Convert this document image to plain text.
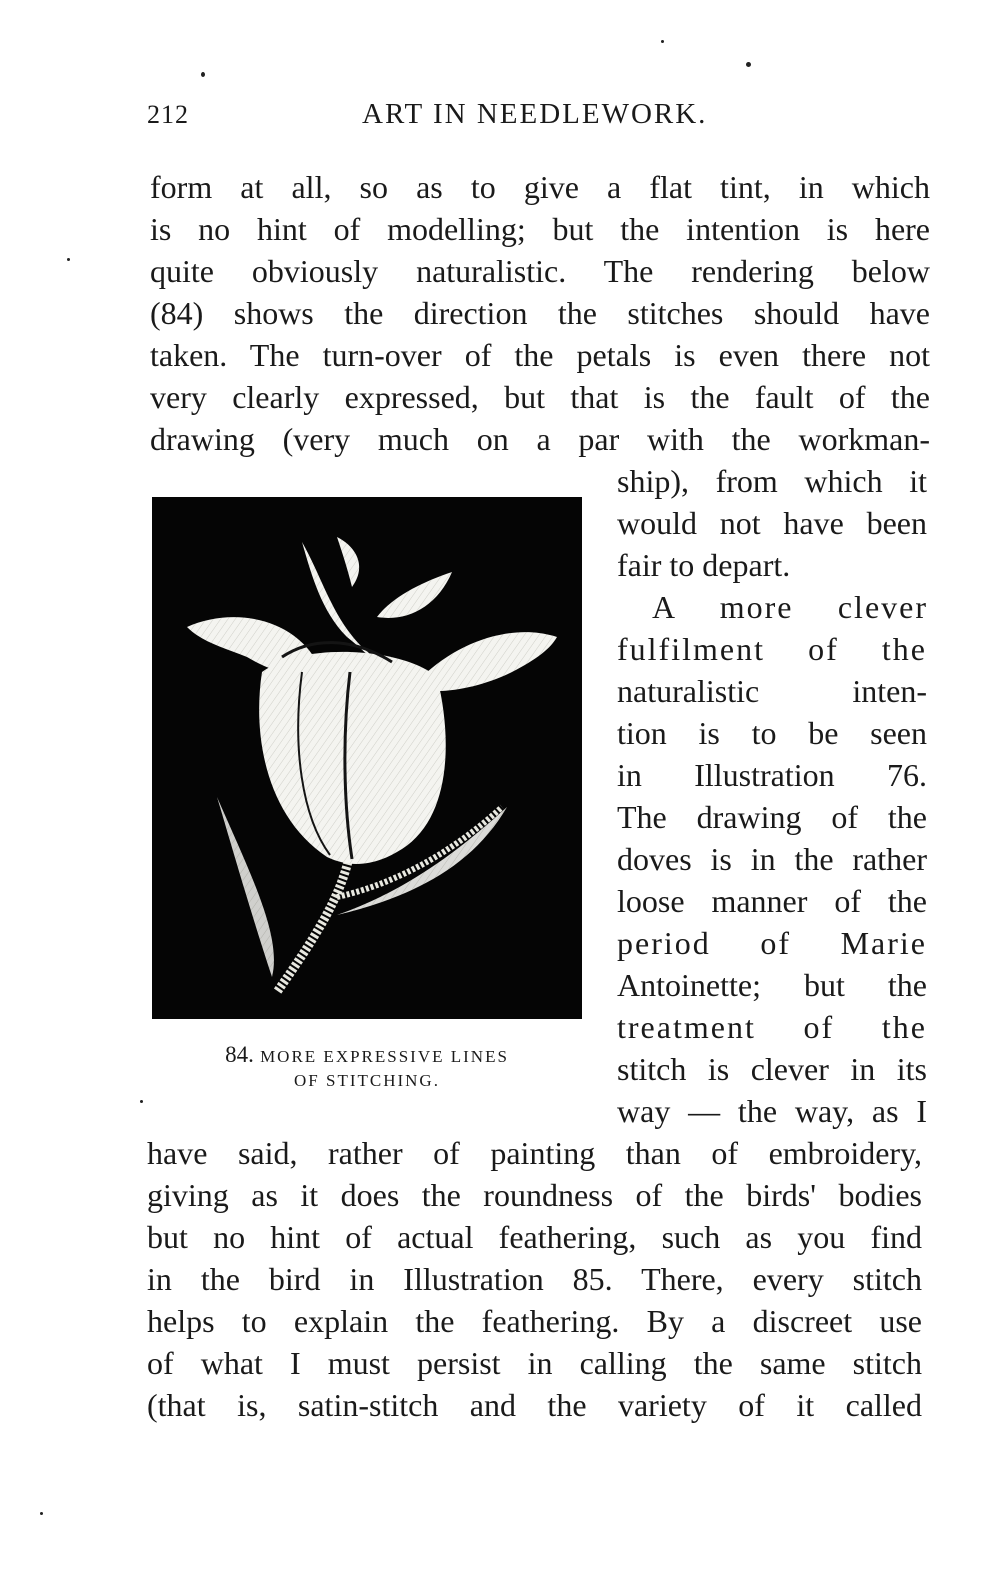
212	ART IN NEEDLEWORK.
form at all, so as to give a flat tint, in which
is no hint of modelling; but the intention is here
quite obviously naturalistic. The rendering below
(84) shows the direction the stitches should have
taken. The turn-over of the petals is even there not
very clearly expressed, but that is the fault of the
drawing (very much on a par with the workman-
ship), from which it
would not have been
fair to depart.
A more clever
fulfilment of the
naturalistic inten-
tion is to be seen
in Illustration 76.
The drawing of the
doves is in the rather
loose manner of the
period of Marie
Antoinette; but the
treatment of the
stitch is clever in its
way — the way, as I
have said, rather of painting than of embroidery,
giving as it does the roundness of the birds' bodies
but no hint of actual feathering, such as you find
in the bird in Illustration 85. There, every stitch
helps to explain the feathering. By a discreet use
of what I must persist in calling the same stitch
(that is, satin-stitch and the variety of it called
84. MORE EXPRESSIVE LINES
OF STITCHING.
